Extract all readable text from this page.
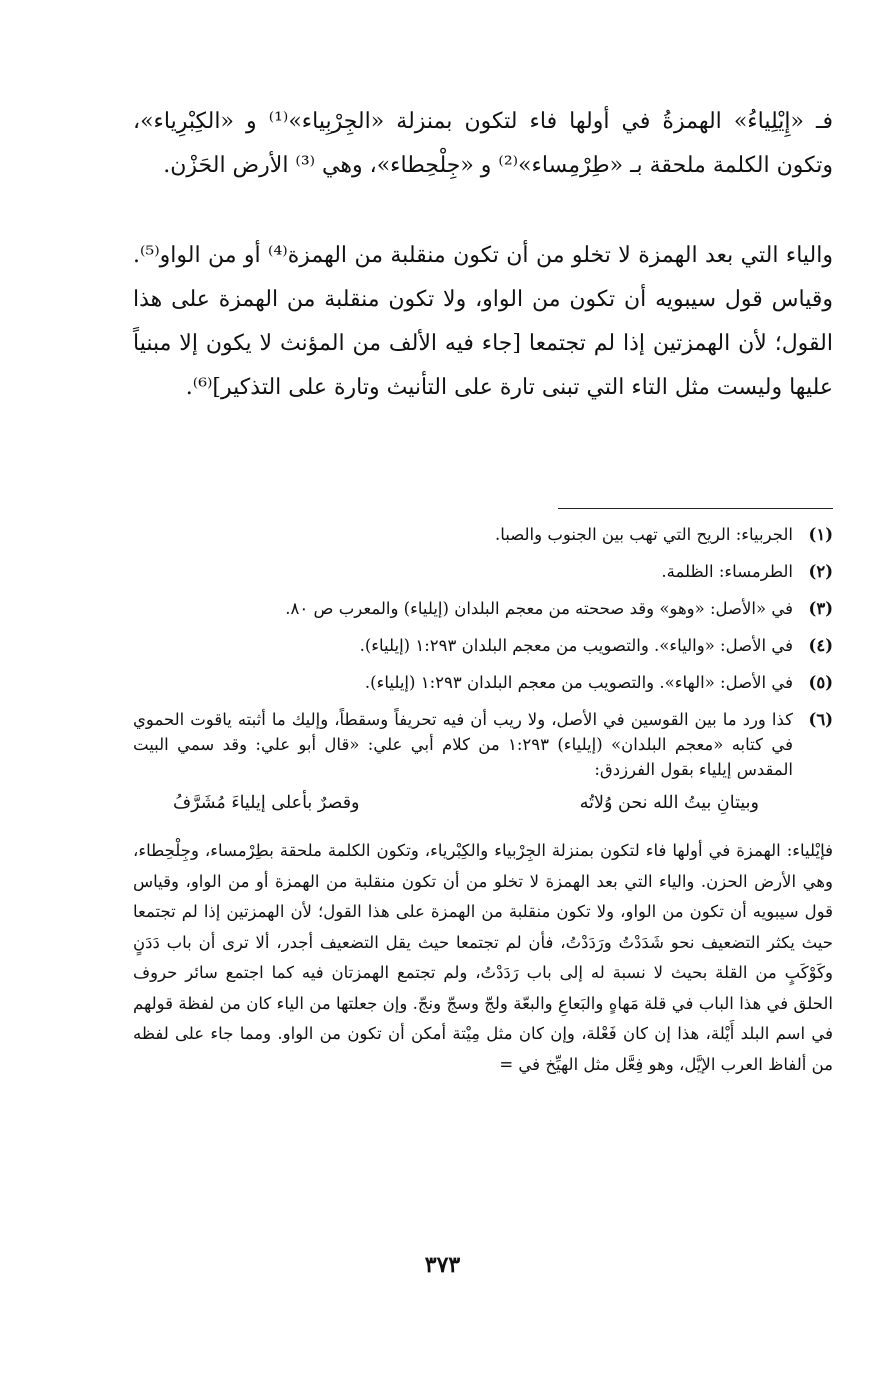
فـ «إِيْلِياءُ» الهمزةُ في أولها فاء لتكون بمنزلة «الجِرْبِياء»⁽¹⁾ و «الكِبْرِياء»، وتكون الكلمة ملحقة بـ «طِرْمِساء»⁽²⁾ و «جِلْحِطاء»، وهي ⁽³⁾ الأرض الحَزْن.

والياء التي بعد الهمزة لا تخلو من أن تكون منقلبة من الهمزة⁽⁴⁾ أو من الواو⁽⁵⁾. وقياس قول سيبويه أن تكون من الواو، ولا تكون منقلبة من الهمزة على هذا القول؛ لأن الهمزتين إذا لم تجتمعا [جاء فيه الألف من المؤنث لا يكون إلا مبنياً عليها وليست مثل التاء التي تبنى تارة على التأنيث وتارة على التذكير]⁽⁶⁾.

(١)
الجربياء: الريح التي تهب بين الجنوب والصبا.
(٢)
الطرمساء: الظلمة.
(٣)
في «الأصل: «وهو» وقد صححته من معجم البلدان (إيلياء) والمعرب ص ٨٠.
(٤)
في الأصل: «والياء». والتصويب من معجم البلدان ١:٢٩٣ (إيلياء).
(٥)
في الأصل: «الهاء». والتصويب من معجم البلدان ١:٢٩٣ (إيلياء).
(٦)
كذا ورد ما بين القوسين في الأصل، ولا ريب أن فيه تحريفاً وسقطاً، وإليك ما أثبته ياقوت الحموي في كتابه «معجم البلدان» (إيلياء) ١:٢٩٣ من كلام أبي علي: «قال أبو علي: وقد سمي البيت المقدس إيلياء بقول الفرزدق:
وبيتانِ بيتُ الله نحن وُلاتُه
وقصرٌ بأعلى إيلياءَ مُشَرَّفُ
فإيْلياء: الهمزة في أولها فاء لتكون بمنزلة الجِرْبياء والكِبْرياء، وتكون الكلمة ملحقة بطِرْمساء، وجِلْحِطاء، وهي الأرض الحزن. والياء التي بعد الهمزة لا تخلو من أن تكون منقلبة من الهمزة أو من الواو، وقياس قول سيبويه أن تكون من الواو، ولا تكون منقلبة من الهمزة على هذا القول؛ لأن الهمزتين إذا لم تجتمعا حيث يكثر التضعيف نحو شَدَدْتُ ورَدَدْتُ، فأن لم تجتمعا حيث يقل التضعيف أجدر، ألا ترى أن باب دَدَنٍ وكَوْكَبٍ من القلة بحيث لا نسبة له إلى باب رَدَدْتُ، ولم تجتمع الهمزتان فيه كما اجتمع سائر حروف الحلق في هذا الباب في قلة مَهاهٍ والبَعاعِ والبعّة ولجّ وسجّ ونجّ. وإن جعلتها من الياء كان من لفظة قولهم في اسم البلد أَيْلة، هذا إن كان فَعْلة، وإن كان مثل مِيْتة أمكن أن تكون من الواو. ومما جاء على لفظه من ألفاظ العرب الإيَّل، وهو فِعَّل مثل الهيِّخ في =
٣٧٣
